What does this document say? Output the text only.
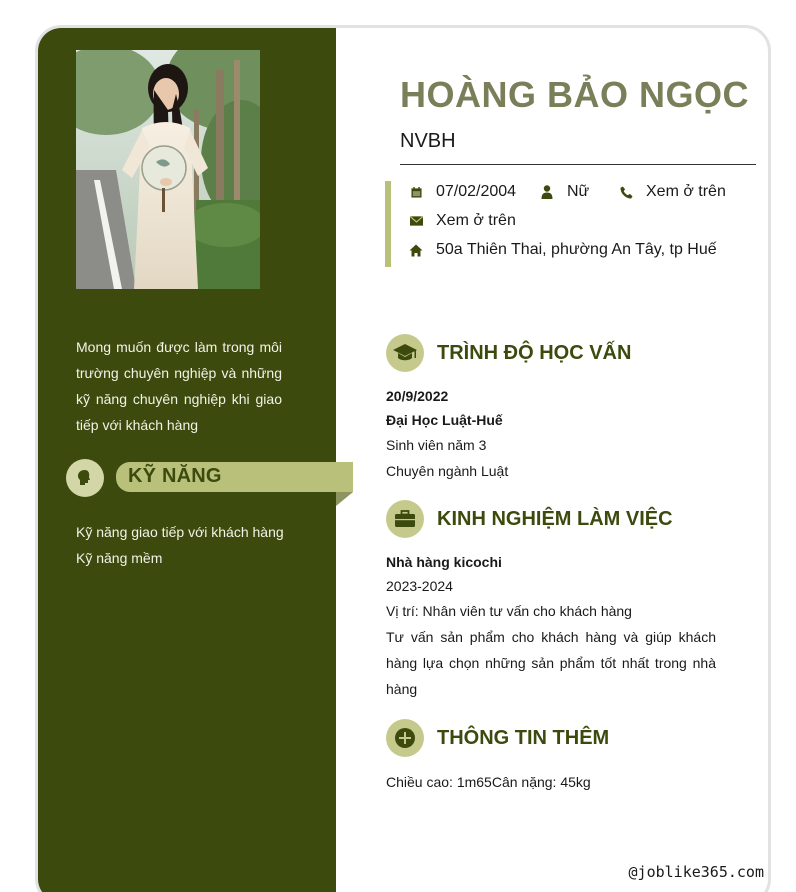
Mong muốn được làm trong môi trường chuyên nghiệp và những kỹ năng chuyên nghiệp khi giao tiếp với khách hàng
KỸ NĂNG
Kỹ năng giao tiếp với khách hàng
Kỹ năng mềm
HOÀNG BẢO NGỌC
NVBH
07/02/2004	Nữ	Xem ở trên
Xem ở trên
50a Thiên Thai, phường An Tây, tp Huế
TRÌNH ĐỘ HỌC VẤN
20/9/2022
Đại Học Luật-Huế
Sinh viên năm 3
Chuyên ngành Luật
KINH NGHIỆM LÀM VIỆC
Nhà hàng kicochi
2023-2024
Vị trí: Nhân viên tư vấn cho khách hàng
Tư vấn sản phẩm cho khách hàng và giúp khách hàng lựa chọn những sản phẩm tốt nhất trong nhà hàng
THÔNG TIN THÊM
Chiều cao: 1m65Cân nặng: 45kg
@joblike365.com
